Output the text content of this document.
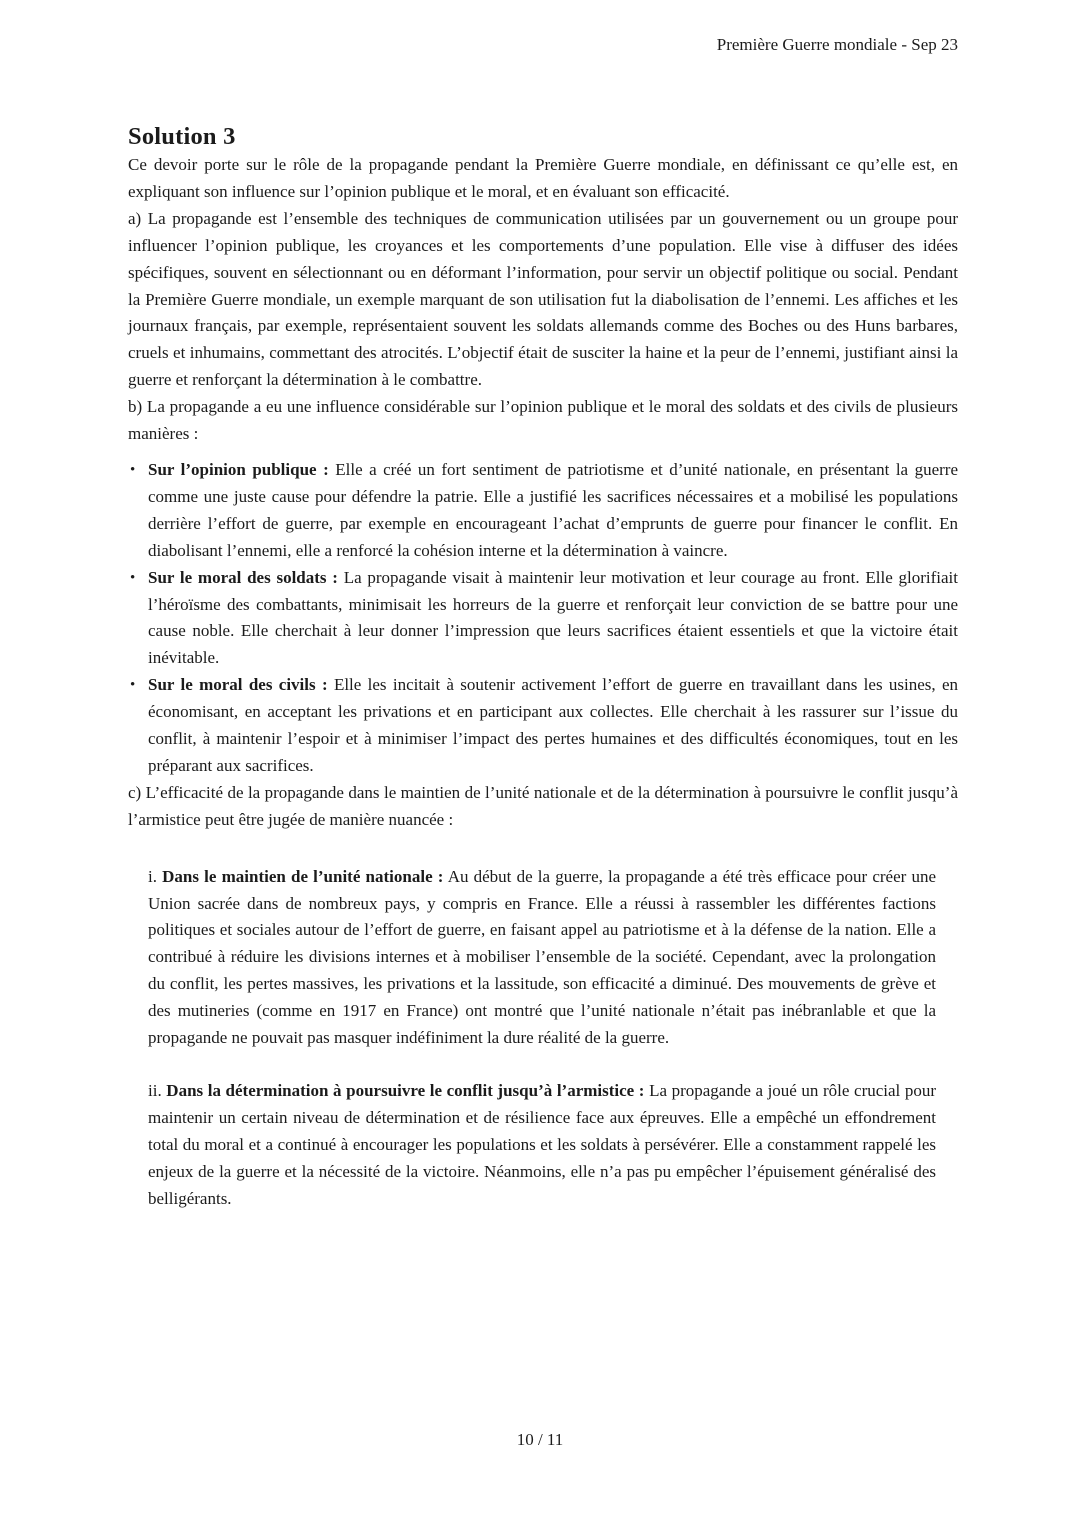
Première Guerre mondiale - Sep 23
Solution 3

Ce devoir porte sur le rôle de la propagande pendant la Première Guerre mondiale, en définissant ce qu’elle est, en expliquant son influence sur l’opinion publique et le moral, et en évaluant son efficacité.

a) La propagande est l’ensemble des techniques de communication utilisées par un gouvernement ou un groupe pour influencer l’opinion publique, les croyances et les comportements d’une population. Elle vise à diffuser des idées spécifiques, souvent en sélectionnant ou en déformant l’information, pour servir un objectif politique ou social. Pendant la Première Guerre mondiale, un exemple marquant de son utilisation fut la diabolisation de l’ennemi. Les affiches et les journaux français, par exemple, représentaient souvent les soldats allemands comme des Boches ou des Huns barbares, cruels et inhumains, commettant des atrocités. L’objectif était de susciter la haine et la peur de l’ennemi, justifiant ainsi la guerre et renforçant la détermination à le combattre.

b) La propagande a eu une influence considérable sur l’opinion publique et le moral des soldats et des civils de plusieurs manières :

• Sur l’opinion publique : Elle a créé un fort sentiment de patriotisme et d’unité nationale, en présentant la guerre comme une juste cause pour défendre la patrie. Elle a justifié les sacrifices nécessaires et a mobilisé les populations derrière l’effort de guerre, par exemple en encourageant l’achat d’emprunts de guerre pour financer le conflit. En diabolisant l’ennemi, elle a renforcé la cohésion interne et la détermination à vaincre.
• Sur le moral des soldats : La propagande visait à maintenir leur motivation et leur courage au front. Elle glorifiait l’héroïsme des combattants, minimisait les horreurs de la guerre et renforçait leur conviction de se battre pour une cause noble. Elle cherchait à leur donner l’impression que leurs sacrifices étaient essentiels et que la victoire était inévitable.
• Sur le moral des civils : Elle les incitait à soutenir activement l’effort de guerre en travaillant dans les usines, en économisant, en acceptant les privations et en participant aux collectes. Elle cherchait à les rassurer sur l’issue du conflit, à maintenir l’espoir et à minimiser l’impact des pertes humaines et des difficultés économiques, tout en les préparant aux sacrifices.

c) L’efficacité de la propagande dans le maintien de l’unité nationale et de la détermination à poursuivre le conflit jusqu’à l’armistice peut être jugée de manière nuancée :

i. Dans le maintien de l’unité nationale : Au début de la guerre, la propagande a été très efficace pour créer une Union sacrée dans de nombreux pays, y compris en France. Elle a réussi à rassembler les différentes factions politiques et sociales autour de l’effort de guerre, en faisant appel au patriotisme et à la défense de la nation. Elle a contribué à réduire les divisions internes et à mobiliser l’ensemble de la société. Cependant, avec la prolongation du conflit, les pertes massives, les privations et la lassitude, son efficacité a diminué. Des mouvements de grève et des mutineries (comme en 1917 en France) ont montré que l’unité nationale n’était pas inébranlable et que la propagande ne pouvait pas masquer indéfiniment la dure réalité de la guerre.
ii. Dans la détermination à poursuivre le conflit jusqu’à l’armistice : La propagande a joué un rôle crucial pour maintenir un certain niveau de détermination et de résilience face aux épreuves. Elle a empêché un effondrement total du moral et a continué à encourager les populations et les soldats à persévérer. Elle a constamment rappelé les enjeux de la guerre et la nécessité de la victoire. Néanmoins, elle n’a pas pu empêcher l’épuisement généralisé des belligérants.
10 / 11
